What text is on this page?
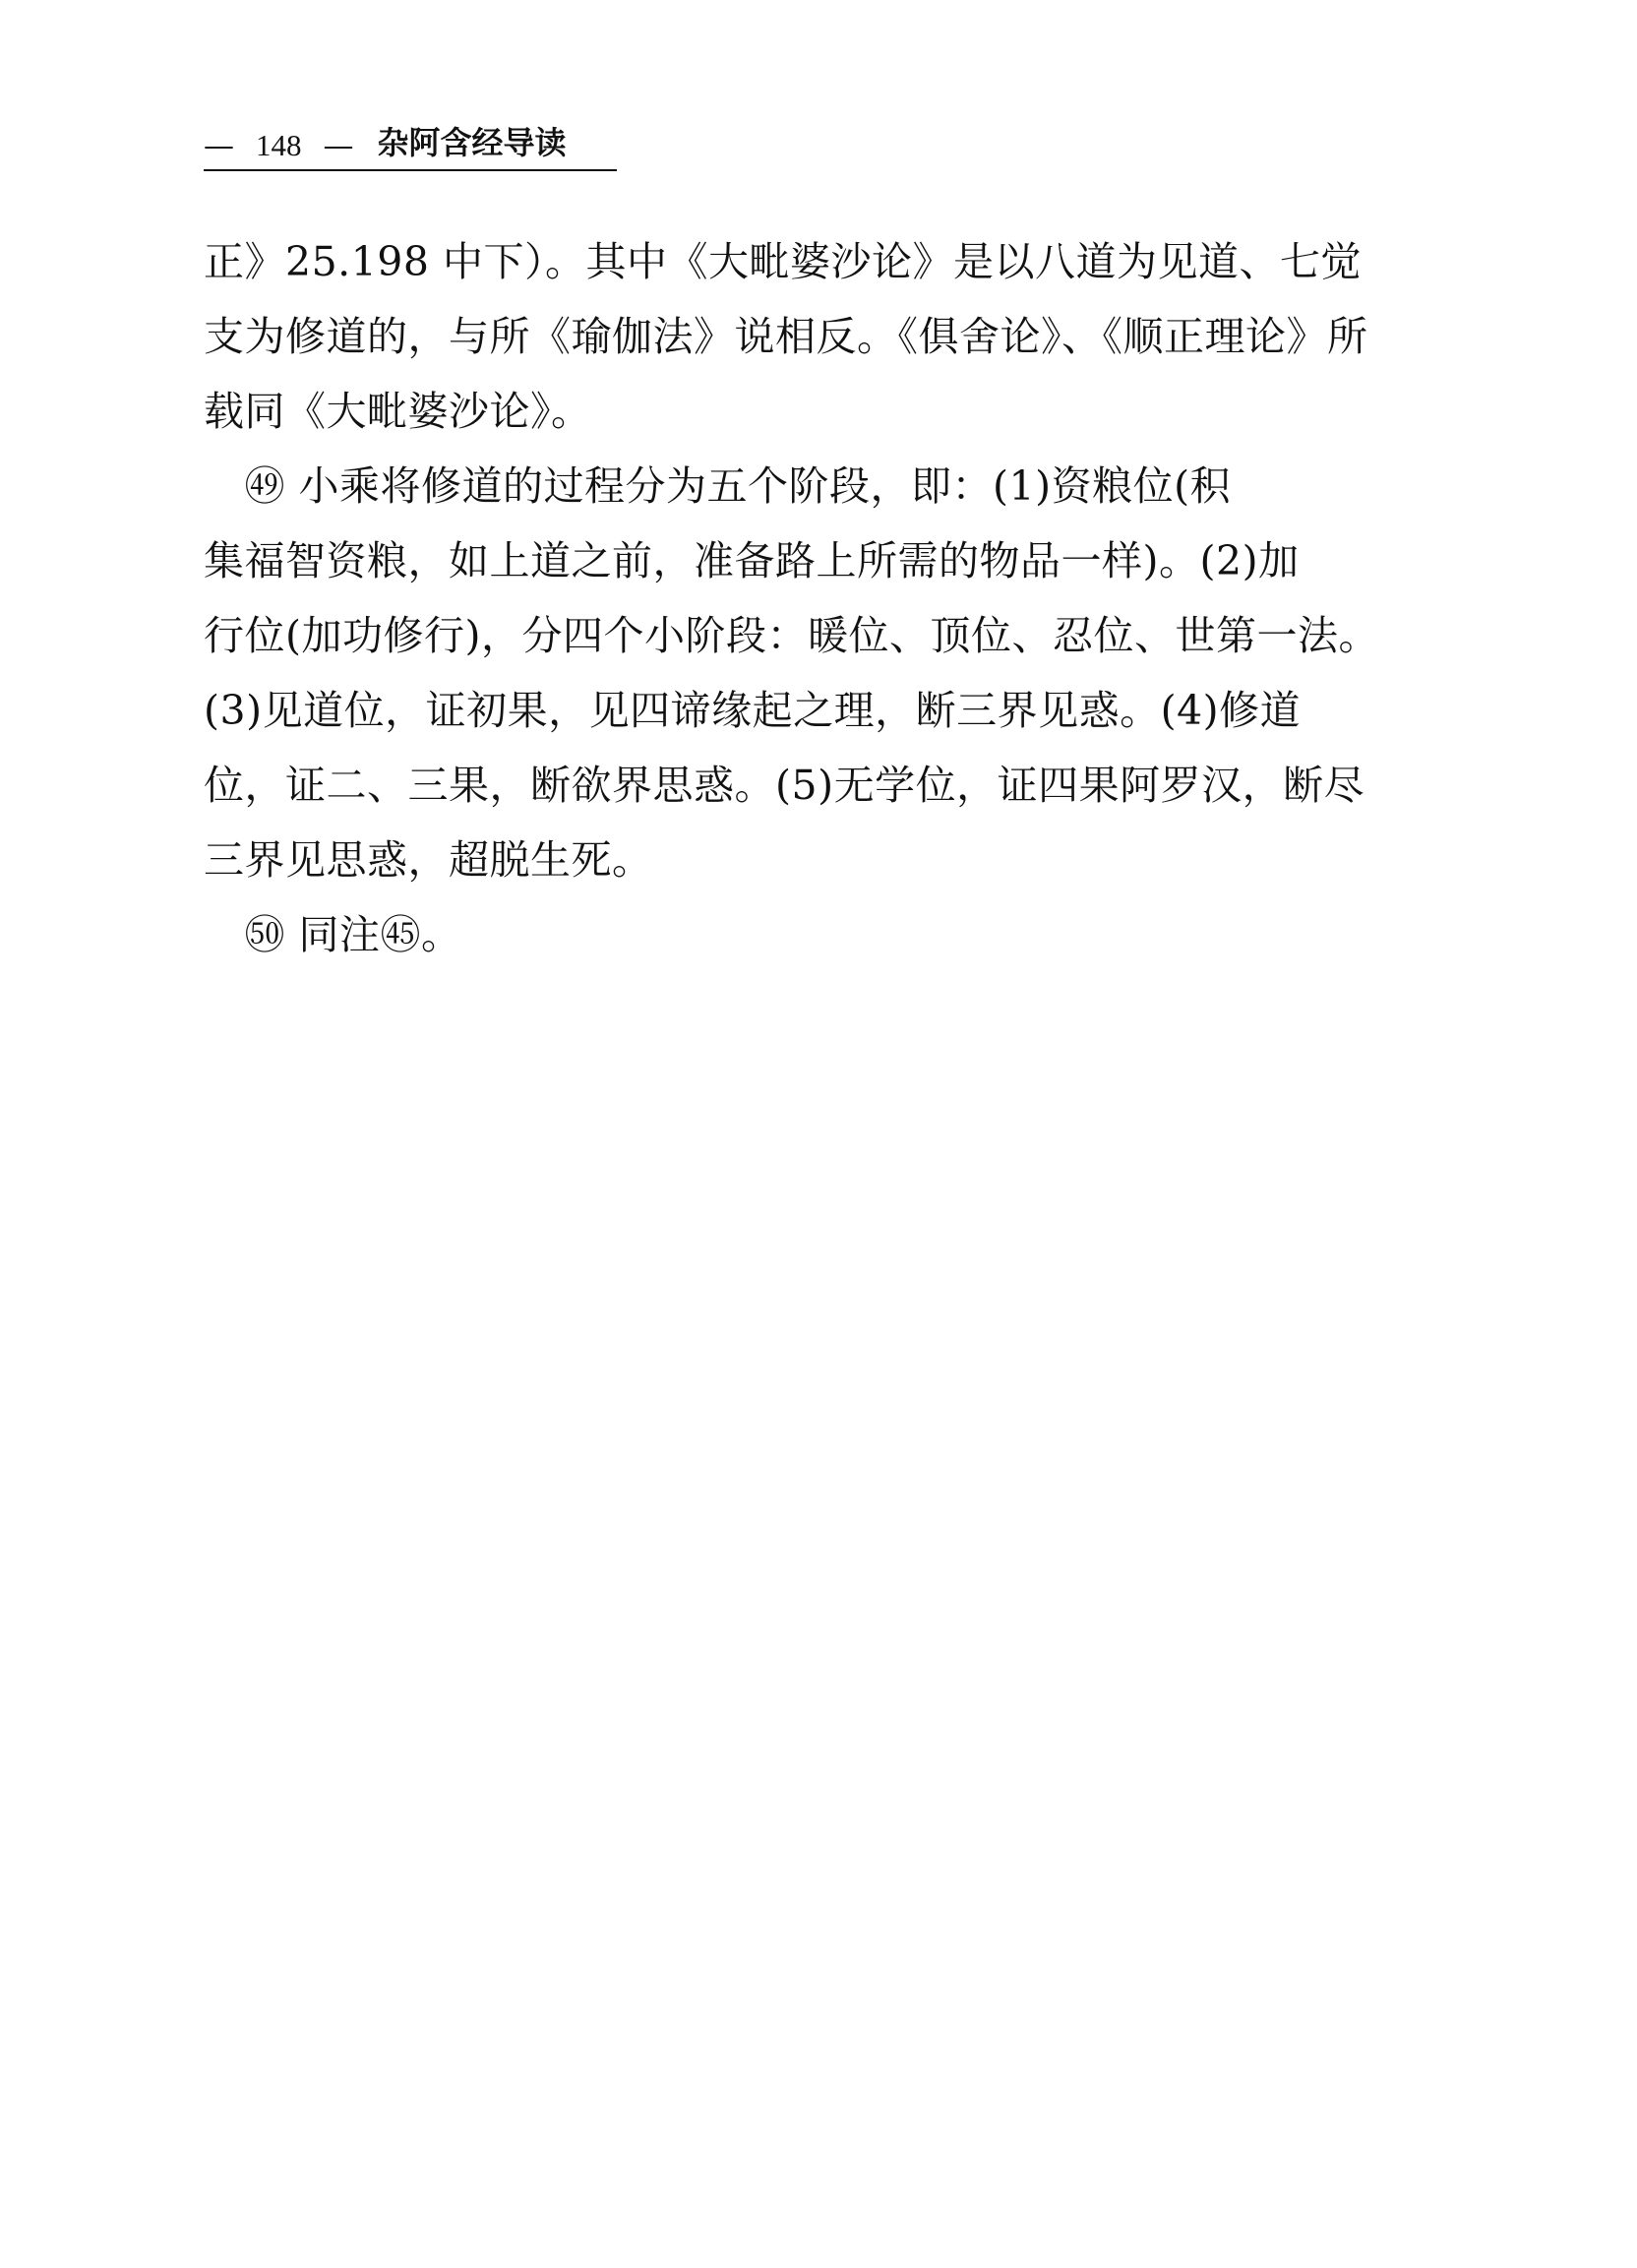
— 148 — 杂阿含经导读
正》25.198 中下）。其中《大毗婆沙论》是以八道为见道、七觉
支为修道的，与所《瑜伽法》说相反。《俱舍论》、《顺正理论》所
载同《大毗婆沙论》。
　㊾ 小乘将修道的过程分为五个阶段，即：(1)资粮位(积
集福智资粮，如上道之前，准备路上所需的物品一样)。(2)加
行位(加功修行)，分四个小阶段：暖位、顶位、忍位、世第一法。
(3)见道位，证初果，见四谛缘起之理，断三界见惑。(4)修道
位，证二、三果，断欲界思惑。(5)无学位，证四果阿罗汉，断尽
三界见思惑，超脱生死。
　㊿ 同注㊺。
